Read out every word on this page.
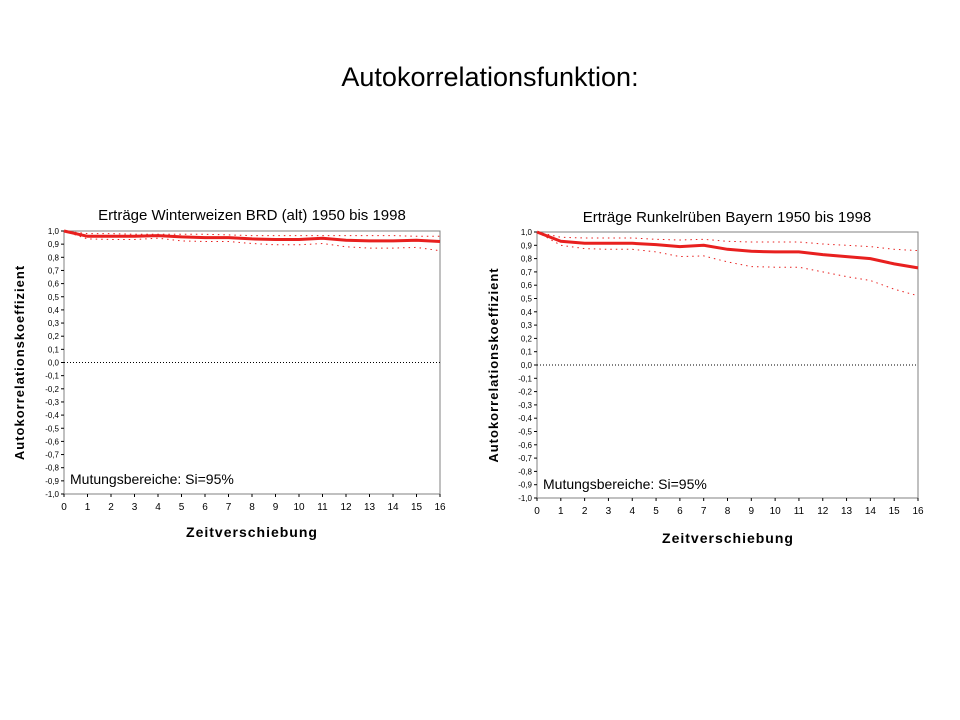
Autokorrelationsfunktion:
Erträge Winterweizen BRD (alt) 1950 bis 1998
Autokorrelationskoeffizient
Zeitverschiebung
1,0
0,9
0,8
0,7
0,6
0,5
0,4
0,3
0,2
0,1
0,0
-0,1
-0,2
-0,3
-0,4
-0,5
-0,6
-0,7
-0,8
-0,9
-1,0
0 1 2 3 4 5 6 7 8 9 10 11 12 13 14 15 16
Mutungsbereiche: Si=95%
Erträge Runkelrüben Bayern 1950 bis 1998
Autokorrelationskoeffizient
Zeitverschiebung
1,0
0,9
0,8
0,7
0,6
0,5
0,4
0,3
0,2
0,1
0,0
-0,1
-0,2
-0,3
-0,4
-0,5
-0,6
-0,7
-0,8
-0,9
-1,0
0 1 2 3 4 5 6 7 8 9 10 11 12 13 14 15 16
Mutungsbereiche: Si=95%
